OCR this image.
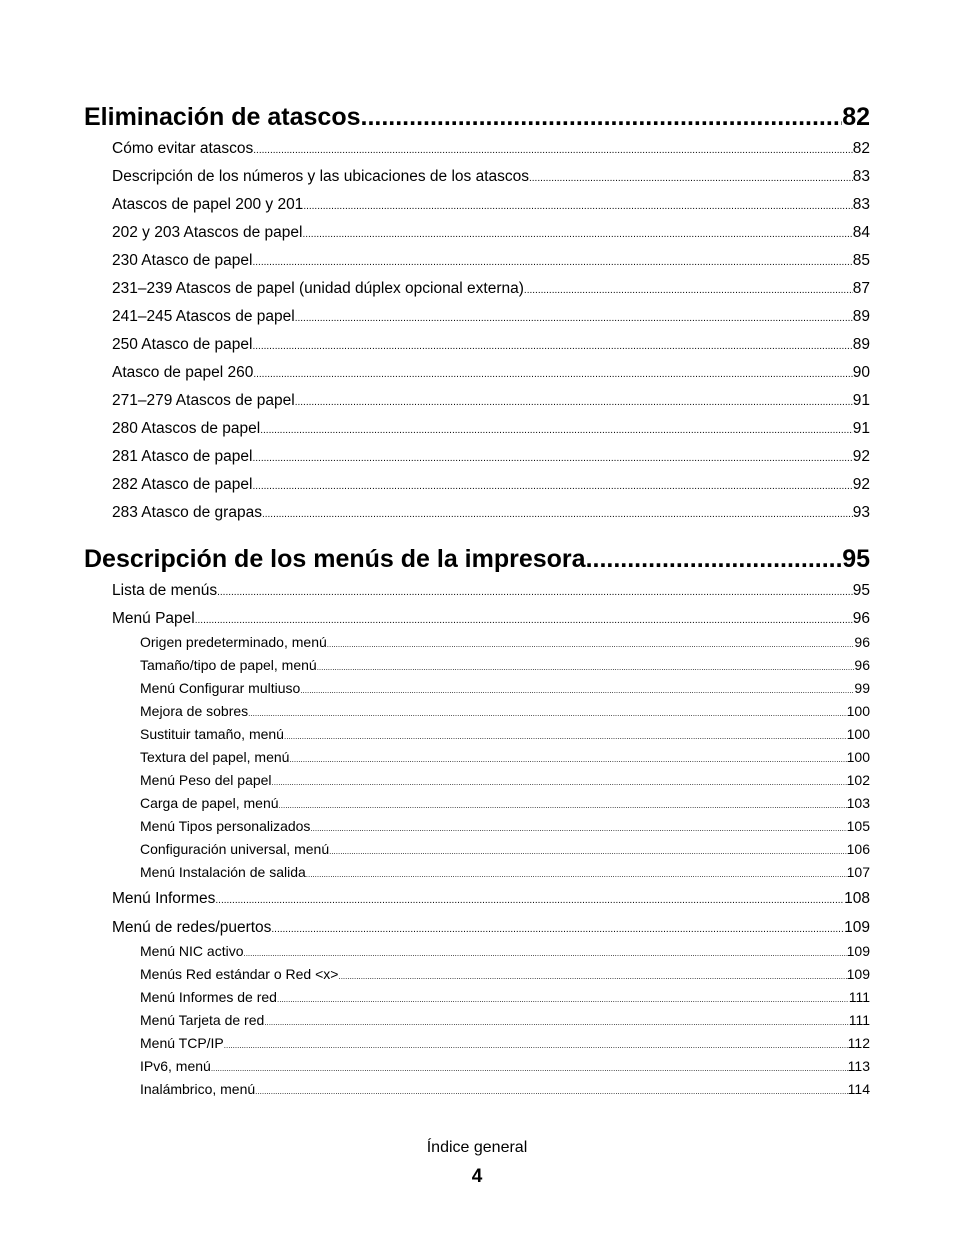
Eliminación de atascos .....	82
Cómo evitar atascos .....	82
Descripción de los números y las ubicaciones de los atascos .....	83
Atascos de papel 200 y 201 .....	83
202 y 203 Atascos de papel .....	84
230 Atasco de papel .....	85
231–239 Atascos de papel (unidad dúplex opcional externa) .....	87
241–245 Atascos de papel .....	89
250 Atasco de papel .....	89
Atasco de papel 260 .....	90
271–279 Atascos de papel .....	91
280 Atascos de papel .....	91
281 Atasco de papel .....	92
282 Atasco de papel .....	92
283 Atasco de grapas .....	93
Descripción de los menús de la impresora .....	95
Lista de menús .....	95
Menú Papel .....	96
Origen predeterminado, menú .....	96
Tamaño/tipo de papel, menú .....	96
Menú Configurar multiuso .....	99
Mejora de sobres .....	100
Sustituir tamaño, menú .....	100
Textura del papel, menú .....	100
Menú Peso del papel .....	102
Carga de papel, menú .....	103
Menú Tipos personalizados .....	105
Configuración universal, menú .....	106
Menú Instalación de salida .....	107
Menú Informes .....	108
Menú de redes/puertos .....	109
Menú NIC activo .....	109
Menús Red estándar o Red <x> .....	109
Menú Informes de red .....	111
Menú Tarjeta de red .....	111
Menú TCP/IP .....	112
IPv6, menú .....	113
Inalámbrico, menú .....	114
Índice general
4
